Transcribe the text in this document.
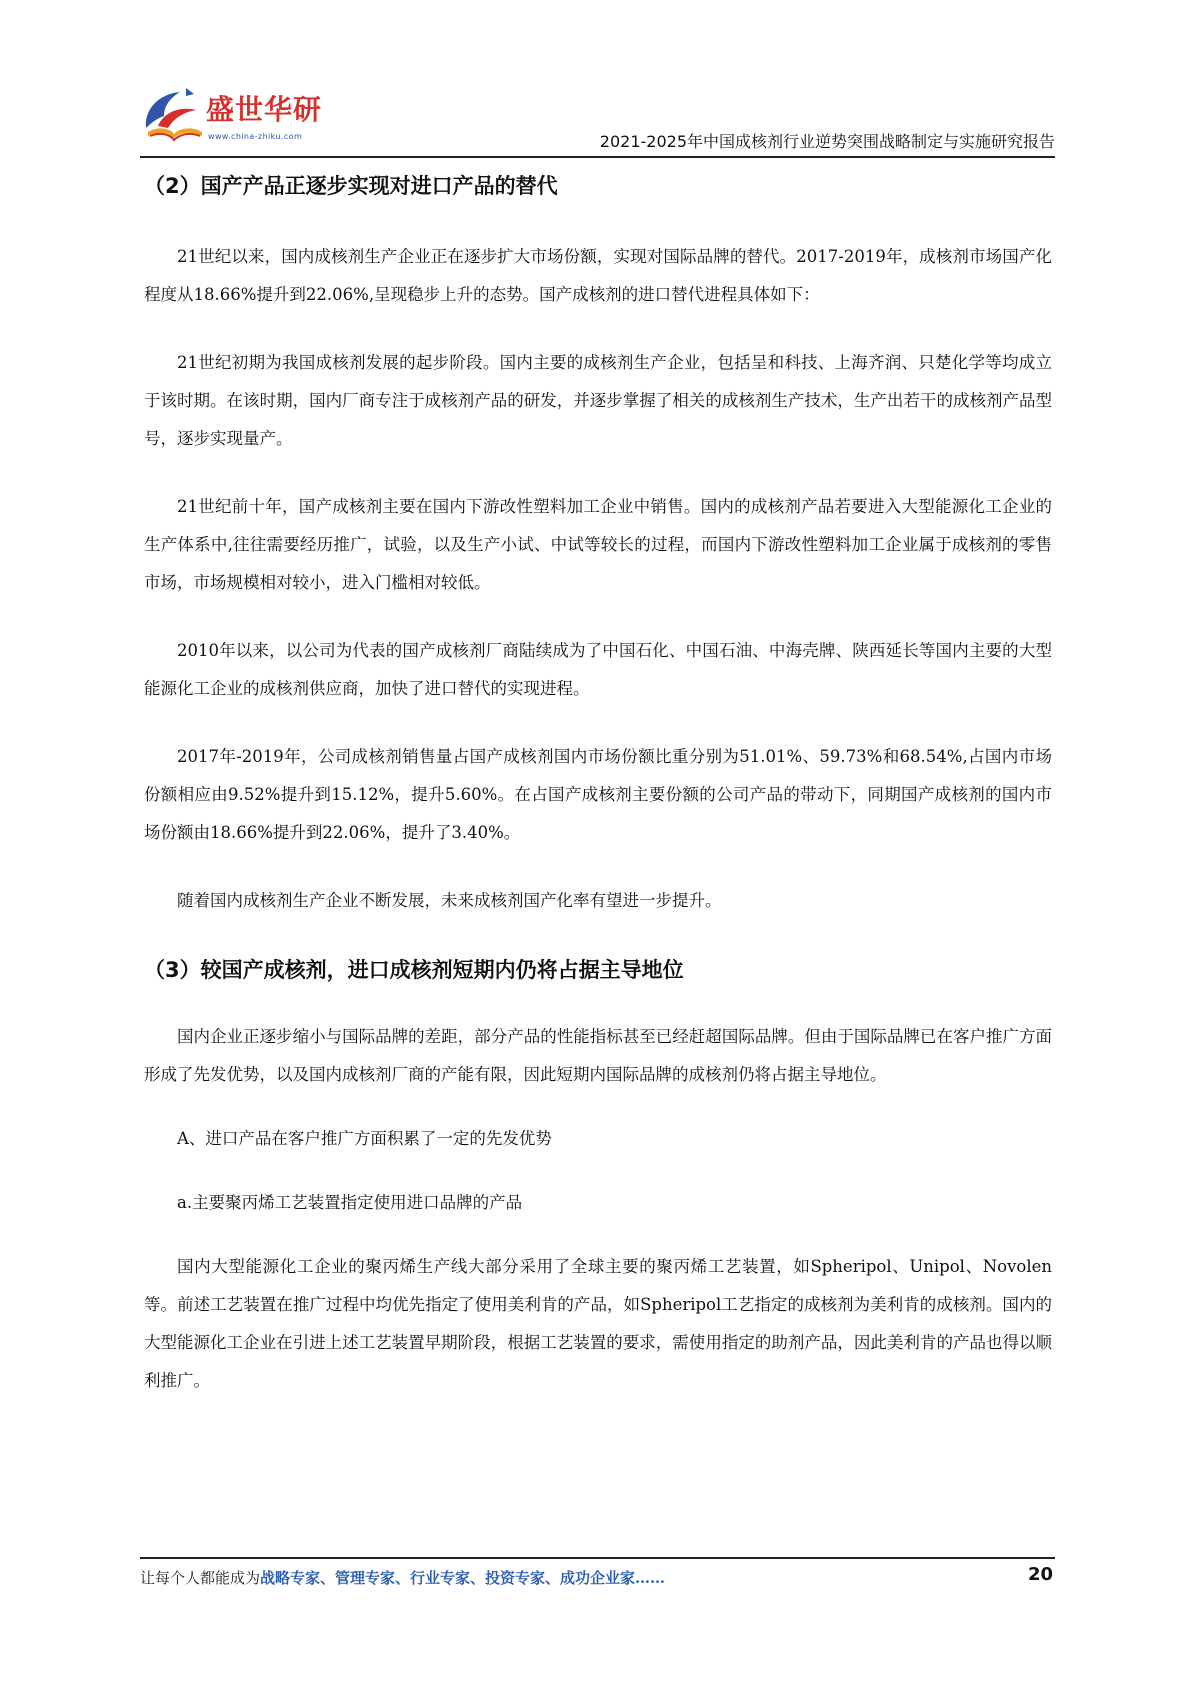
盛世华研
www.china-zhiku.com	2021-2025年中国成核剂行业逆势突围战略制定与实施研究报告
（2）国产产品正逐步实现对进口产品的替代

21世纪以来，国内成核剂生产企业正在逐步扩大市场份额，实现对国际品牌的替代。2017-2019年，成核剂市场国产化程度从18.66%提升到22.06%,呈现稳步上升的态势。国产成核剂的进口替代进程具体如下：

21世纪初期为我国成核剂发展的起步阶段。国内主要的成核剂生产企业，包括呈和科技、上海齐润、只楚化学等均成立于该时期。在该时期，国内厂商专注于成核剂产品的研发，并逐步掌握了相关的成核剂生产技术，生产出若干的成核剂产品型号，逐步实现量产。

21世纪前十年，国产成核剂主要在国内下游改性塑料加工企业中销售。国内的成核剂产品若要进入大型能源化工企业的生产体系中,往往需要经历推广，试验，以及生产小试、中试等较长的过程，而国内下游改性塑料加工企业属于成核剂的零售市场，市场规模相对较小，进入门槛相对较低。

2010年以来，以公司为代表的国产成核剂厂商陆续成为了中国石化、中国石油、中海壳牌、陕西延长等国内主要的大型能源化工企业的成核剂供应商，加快了进口替代的实现进程。

2017年-2019年，公司成核剂销售量占国产成核剂国内市场份额比重分别为51.01%、59.73%和68.54%,占国内市场份额相应由9.52%提升到15.12%，提升5.60%。在占国产成核剂主要份额的公司产品的带动下，同期国产成核剂的国内市场份额由18.66%提升到22.06%，提升了3.40%。

随着国内成核剂生产企业不断发展，未来成核剂国产化率有望进一步提升。

（3）较国产成核剂，进口成核剂短期内仍将占据主导地位

国内企业正逐步缩小与国际品牌的差距，部分产品的性能指标甚至已经赶超国际品牌。但由于国际品牌已在客户推广方面形成了先发优势，以及国内成核剂厂商的产能有限，因此短期内国际品牌的成核剂仍将占据主导地位。

A、进口产品在客户推广方面积累了一定的先发优势

a.主要聚丙烯工艺装置指定使用进口品牌的产品

国内大型能源化工企业的聚丙烯生产线大部分采用了全球主要的聚丙烯工艺装置，如Spheripol、Unipol、Novolen等。前述工艺装置在推广过程中均优先指定了使用美利肯的产品，如Spheripol工艺指定的成核剂为美利肯的成核剂。国内的大型能源化工企业在引进上述工艺装置早期阶段，根据工艺装置的要求，需使用指定的助剂产品，因此美利肯的产品也得以顺利推广。

让每个人都能成为战略专家、管理专家、行业专家、投资专家、成功企业家……	20
